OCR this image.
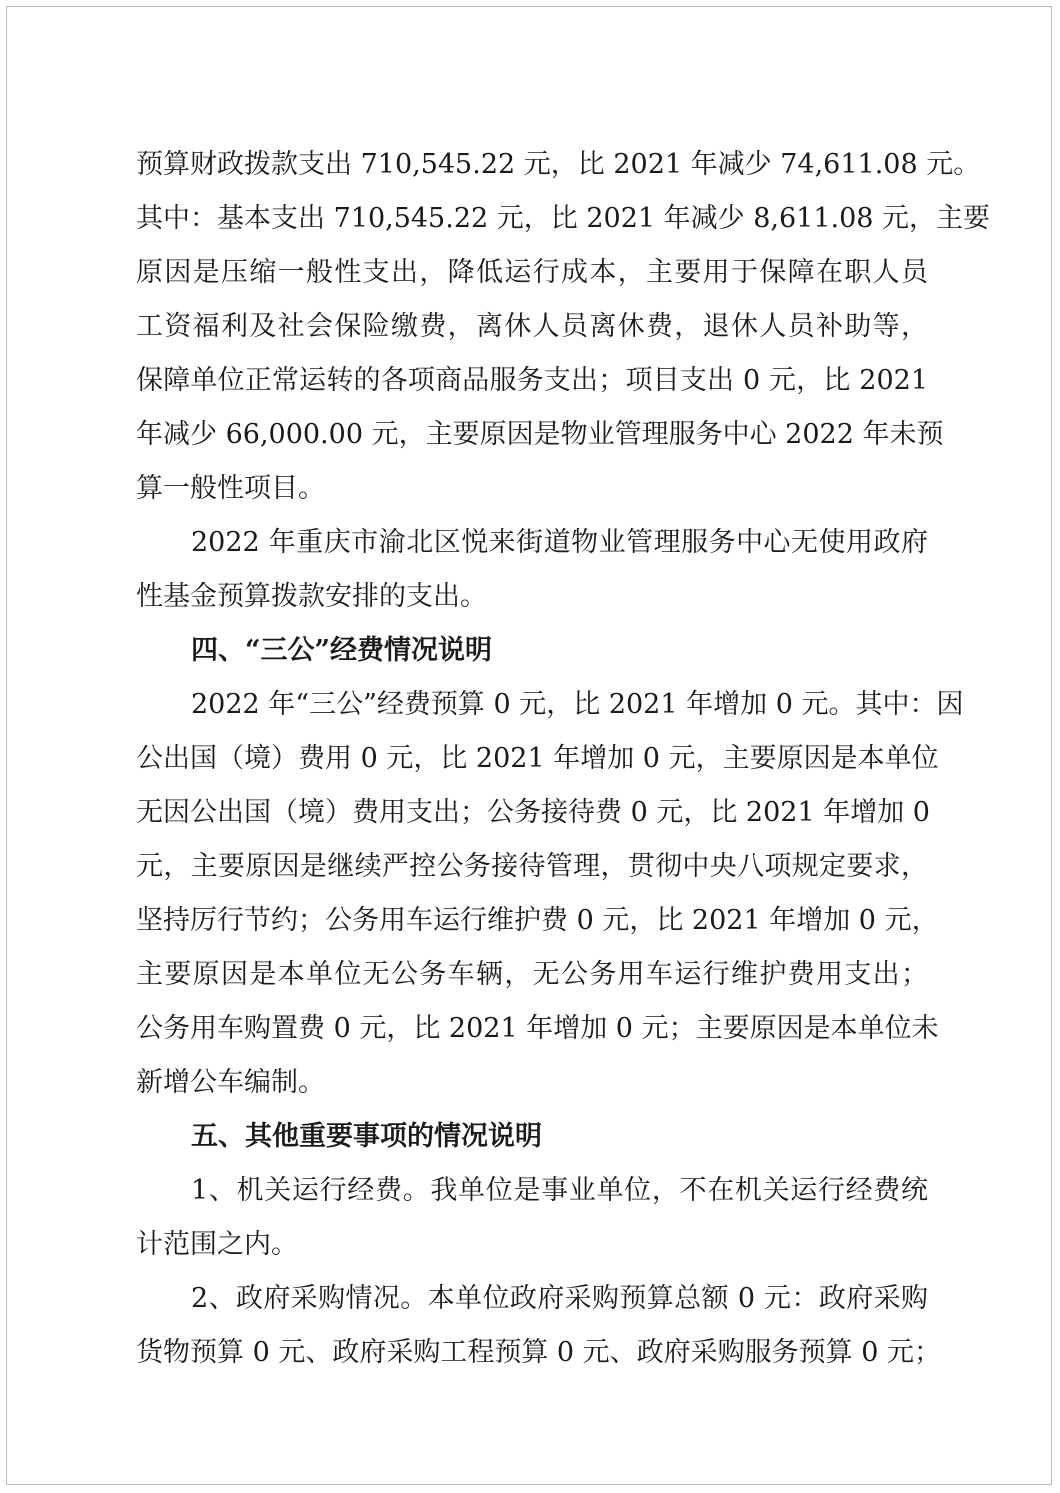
预算财政拨款支出 710,545.22 元，比 2021 年减少 74,611.08 元。
其中：基本支出 710,545.22 元，比 2021 年减少 8,611.08 元，主要
原因是压缩一般性支出，降低运行成本，主要用于保障在职人员
工资福利及社会保险缴费，离休人员离休费，退休人员补助等，
保障单位正常运转的各项商品服务支出；项目支出 0 元，比 2021
年减少 66,000.00 元，主要原因是物业管理服务中心 2022 年未预
算一般性项目。
2022 年重庆市渝北区悦来街道物业管理服务中心无使用政府
性基金预算拨款安排的支出。
四、“三公”经费情况说明
2022 年“三公”经费预算 0 元，比 2021 年增加 0 元。其中：因
公出国（境）费用 0 元，比 2021 年增加 0 元，主要原因是本单位
无因公出国（境）费用支出；公务接待费 0 元，比 2021 年增加 0
元，主要原因是继续严控公务接待管理，贯彻中央八项规定要求，
坚持厉行节约；公务用车运行维护费 0 元，比 2021 年增加 0 元，
主要原因是本单位无公务车辆，无公务用车运行维护费用支出；
公务用车购置费 0 元，比 2021 年增加 0 元；主要原因是本单位未
新增公车编制。
五、其他重要事项的情况说明
1、机关运行经费。我单位是事业单位，不在机关运行经费统
计范围之内。
2、政府采购情况。本单位政府采购预算总额 0 元：政府采购
货物预算 0 元、政府采购工程预算 0 元、政府采购服务预算 0 元；
